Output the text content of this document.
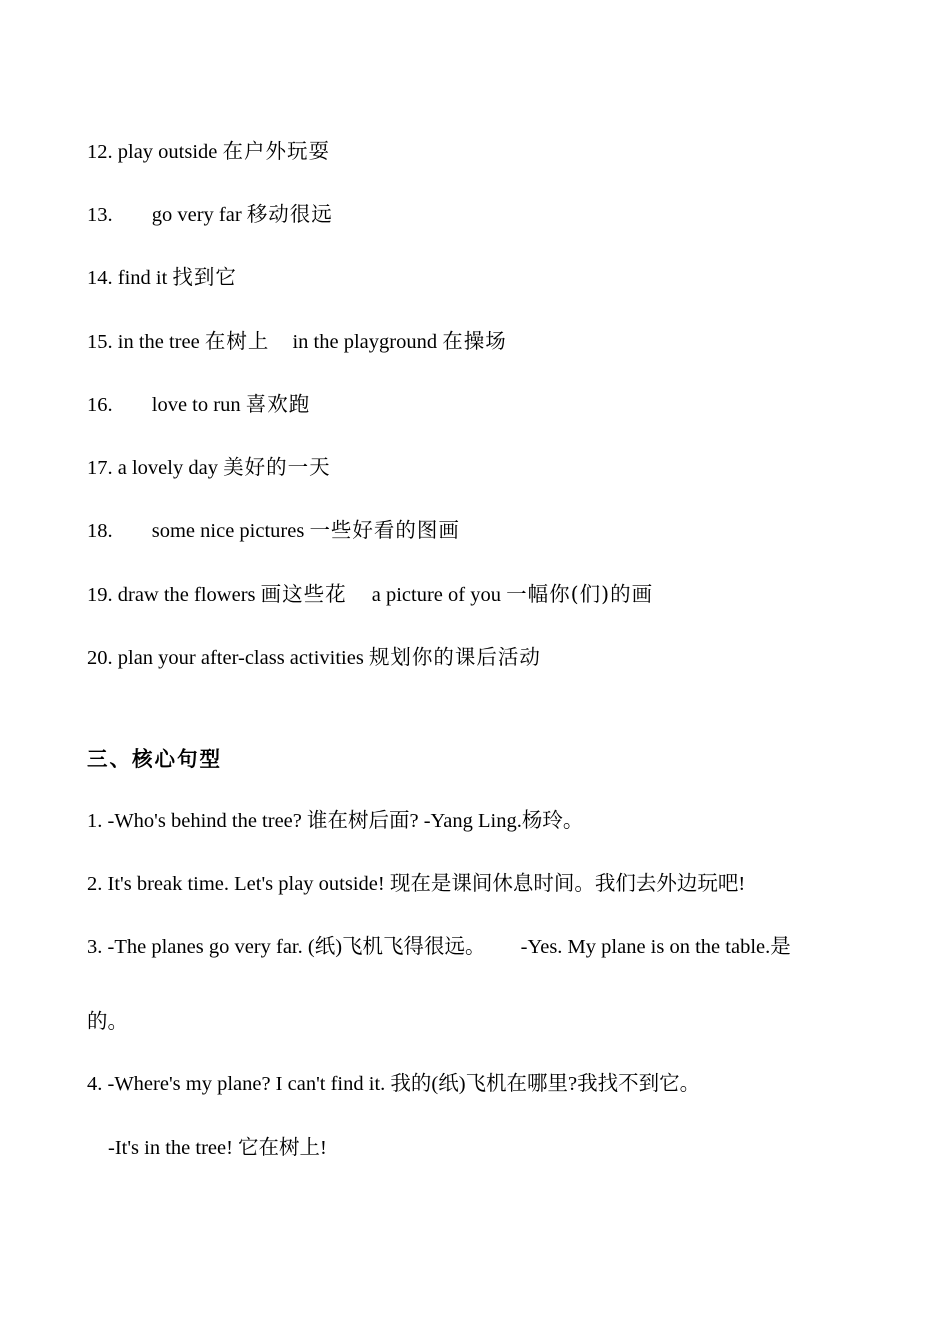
12. play outside 在户外玩耍
13. go very far 移动很远
14. find it 找到它
15. in the tree 在树上 in the playground 在操场
16. love to run 喜欢跑
17. a lovely day 美好的一天
18. some nice pictures 一些好看的图画
19. draw the flowers 画这些花 a picture of you 一幅你(们)的画
20. plan your after-class activities 规划你的课后活动
三、核心句型
1. -Who's behind the tree? 谁在树后面? -Yang Ling.杨玲。
2. It's break time. Let's play outside! 现在是课间休息时间。我们去外边玩吧!
3. -The planes go very far. (纸)飞机飞得很远。 -Yes. My plane is on the table.是
的。
4. -Where's my plane? I can't find it. 我的(纸)飞机在哪里?我找不到它。
-It's in the tree! 它在树上!
